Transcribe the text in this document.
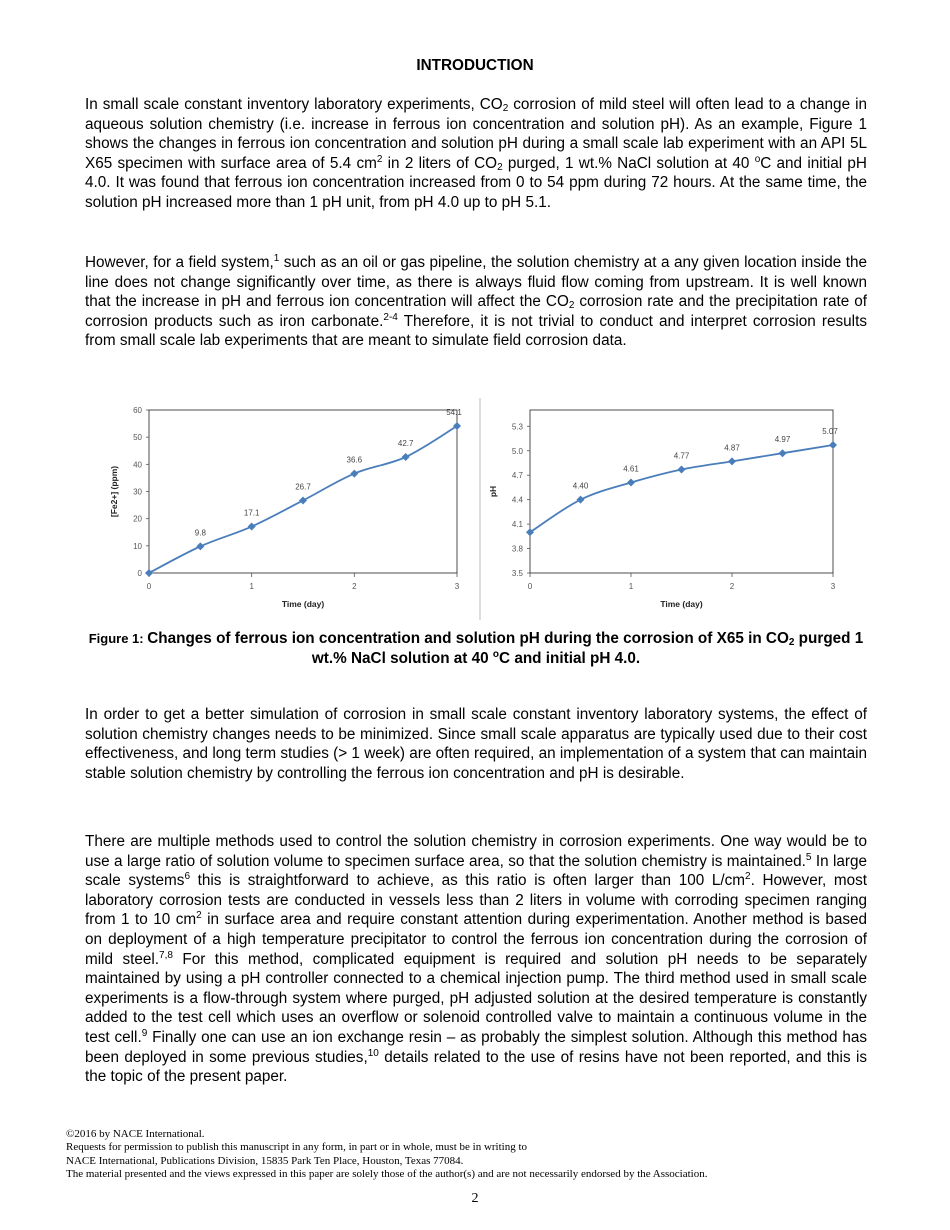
INTRODUCTION
In small scale constant inventory laboratory experiments, $CO_2$ corrosion of mild steel will often lead to a change in aqueous solution chemistry (i.e. increase in ferrous ion concentration and solution pH). As an example, Figure 1 shows the changes in ferrous ion concentration and solution pH during a small scale lab experiment with an API 5L X65 specimen with surface area of 5.4 $cm^2$ in 2 liters of $CO_2$ purged, 1 wt.% NaCl solution at 40 $^o$C and initial pH 4.0. It was found that ferrous ion concentration increased from 0 to 54 ppm during 72 hours. At the same time, the solution pH increased more than 1 pH unit, from pH 4.0 up to pH 5.1.
However, for a field system,$^1$ such as an oil or gas pipeline, the solution chemistry at a any given location inside the line does not change significantly over time, as there is always fluid flow coming from upstream. It is well known that the increase in pH and ferrous ion concentration will affect the $CO_2$ corrosion rate and the precipitation rate of corrosion products such as iron carbonate.$^{2-4}$ Therefore, it is not trivial to conduct and interpret corrosion results from small scale lab experiments that are meant to simulate field corrosion data.
0
10
20
30
40
50
60
0	1	2	3
Time (day)
[Fe2+] (ppm)
9.8
17.1
26.7
36.6
42.7
54.1
3.5
3.8
4.1
4.4
4.7
5.0
5.3
0	1	2	3
Time (day)
pH	4.40
4.61
4.77
4.87
4.97
5.07
Figure 1: Changes of ferrous ion concentration and solution pH during the corrosion of X65 in $CO_2$ purged 1 wt.% NaCl solution at 40 $^o$C and initial pH 4.0.
In order to get a better simulation of corrosion in small scale constant inventory laboratory systems, the effect of solution chemistry changes needs to be minimized. Since small scale apparatus are typically used due to their cost effectiveness, and long term studies (> 1 week) are often required, an implementation of a system that can maintain stable solution chemistry by controlling the ferrous ion concentration and pH is desirable.
There are multiple methods used to control the solution chemistry in corrosion experiments. One way would be to use a large ratio of solution volume to specimen surface area, so that the solution chemistry is maintained.$^5$ In large scale systems$^6$ this is straightforward to achieve, as this ratio is often larger than 100 $L/cm^2$. However, most laboratory corrosion tests are conducted in vessels less than 2 liters in volume with corroding specimen ranging from 1 to 10 $cm^2$ in surface area and require constant attention during experimentation. Another method is based on deployment of a high temperature precipitator to control the ferrous ion concentration during the corrosion of mild steel.$^{7,8}$ For this method, complicated equipment is required and solution pH needs to be separately maintained by using a pH controller connected to a chemical injection pump. The third method used in small scale experiments is a flow-through system where purged, pH adjusted solution at the desired temperature is constantly added to the test cell which uses an overflow or solenoid controlled valve to maintain a continuous volume in the test cell.$^9$ Finally one can use an ion exchange resin – as probably the simplest solution. Although this method has been deployed in some previous studies,$^{10}$ details related to the use of resins have not been reported, and this is the topic of the present paper.
©2016 by NACE International.
Requests for permission to publish this manuscript in any form, in part or in whole, must be in writing to
NACE International, Publications Division, 15835 Park Ten Place, Houston, Texas 77084.
The material presented and the views expressed in this paper are solely those of the author(s) and are not necessarily endorsed by the Association.
2
